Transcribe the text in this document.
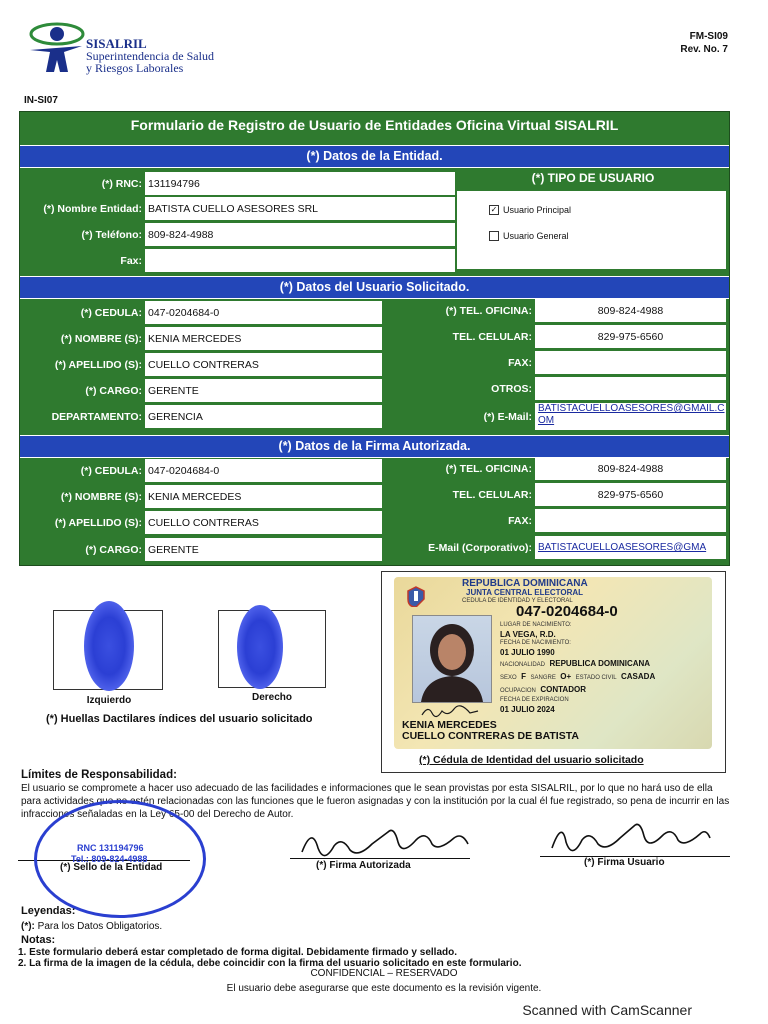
SISALRIL
Superintendencia de Salud
y Riesgos Laborales
FM-SI09
Rev. No. 7
IN-SI07
Formulario de Registro de Usuario de Entidades Oficina Virtual SISALRIL
(*) Datos de la Entidad.
(*) RNC: 131194796
(*) Nombre Entidad: BATISTA CUELLO ASESORES SRL
(*) Teléfono: 809-824-4988
Fax:
(*) TIPO DE USUARIO
✓ Usuario Principal
Usuario General
(*) Datos del Usuario Solicitado.
(*) CEDULA: 047-0204684-0
(*) NOMBRE (S): KENIA MERCEDES
(*) APELLIDO (S): CUELLO CONTRERAS
(*) CARGO: GERENTE
DEPARTAMENTO: GERENCIA
(*) TEL. OFICINA:	809-824-4988
TEL. CELULAR:	829-975-6560
FAX:
OTROS:
(*) E-Mail:
BATISTACUELLOASESORES@GMAIL.COM
(*) Datos de la Firma Autorizada.
(*) CEDULA: 047-0204684-0
(*) NOMBRE (S): KENIA MERCEDES
(*) APELLIDO (S): CUELLO CONTRERAS
(*) CARGO: GERENTE
(*) TEL. OFICINA:	809-824-4988
TEL. CELULAR:	829-975-6560
FAX:
E-Mail (Corporativo): BATISTACUELLOASESORES@GMA
Izquierdo	Derecho
(*) Huellas Dactilares índices del usuario solicitado
REPUBLICA DOMINICANA
JUNTA CENTRAL ELECTORAL
CEDULA DE IDENTIDAD Y ELECTORAL
047-0204684-0
LUGAR DE NACIMIENTO:
LA VEGA, R.D.
FECHA DE NACIMIENTO:
01 JULIO 1990
NACIONALIDAD REPUBLICA DOMINICANA
SEXO F SANGRE O+ ESTADO CIVIL CASADA
OCUPACION CONTADOR
FECHA DE EXPIRACION
01 JULIO 2024
KENIA MERCEDES
CUELLO CONTRERAS DE BATISTA
(*) Cédula de Identidad del usuario solicitado
Límites de Responsabilidad:
El usuario se compromete a hacer uso adecuado de las facilidades e informaciones que le sean provistas por esta SISALRIL, por lo que no hará uso de ella para actividades que no estén relacionadas con las funciones que le fueron asignadas y con la institución por la cual él fue registrado, so pena de incurrir en las infracciones señaladas en la Ley 65-00 del Derecho de Autor.
(*) Firma Autorizada	(*) Firma Usuario
(*) Sello de la Entidad
RNC 131194796
Tel.: 809-824-4988
Leyendas:
(*): Para los Datos Obligatorios.
Notas:
1. Este formulario deberá estar completado de forma digital. Debidamente firmado y sellado.
2. La firma de la imagen de la cédula, debe coincidir con la firma del usuario solicitado en este formulario.
CONFIDENCIAL – RESERVADO
El usuario debe asegurarse que este documento es la revisión vigente.
Scanned with CamScanner
